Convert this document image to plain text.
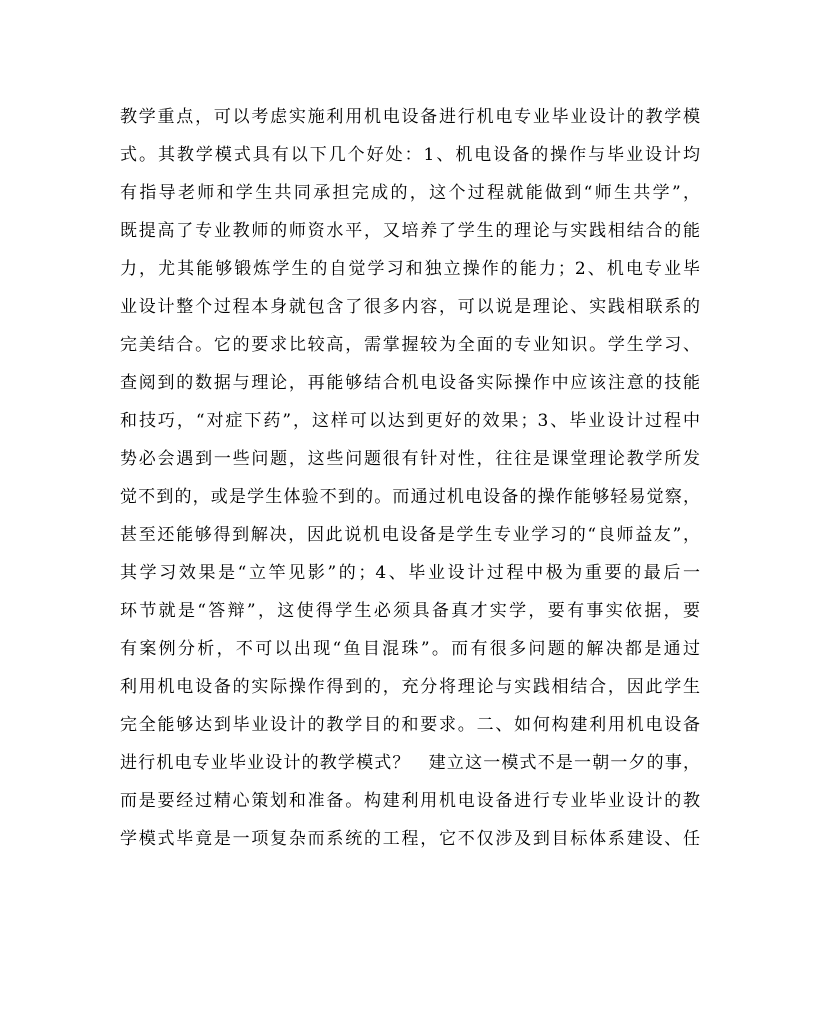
教学重点，可以考虑实施利用机电设备进行机电专业毕业设计的教学模
式。其教学模式具有以下几个好处：1、机电设备的操作与毕业设计均
有指导老师和学生共同承担完成的，这个过程就能做到“师生共学”，
既提高了专业教师的师资水平，又培养了学生的理论与实践相结合的能
力，尤其能够锻炼学生的自觉学习和独立操作的能力；2、机电专业毕
业设计整个过程本身就包含了很多内容，可以说是理论、实践相联系的
完美结合。它的要求比较高，需掌握较为全面的专业知识。学生学习、
查阅到的数据与理论，再能够结合机电设备实际操作中应该注意的技能
和技巧，“对症下药”，这样可以达到更好的效果；3、毕业设计过程中
势必会遇到一些问题，这些问题很有针对性，往往是课堂理论教学所发
觉不到的，或是学生体验不到的。而通过机电设备的操作能够轻易觉察，
甚至还能够得到解决，因此说机电设备是学生专业学习的“良师益友”，
其学习效果是“立竿见影”的；4、毕业设计过程中极为重要的最后一
环节就是“答辩”，这使得学生必须具备真才实学，要有事实依据，要
有案例分析，不可以出现“鱼目混珠”。而有很多问题的解决都是通过
利用机电设备的实际操作得到的，充分将理论与实践相结合，因此学生
完全能够达到毕业设计的教学目的和要求。二、如何构建利用机电设备
进行机电专业毕业设计的教学模式？　建立这一模式不是一朝一夕的事，
而是要经过精心策划和准备。构建利用机电设备进行专业毕业设计的教
学模式毕竟是一项复杂而系统的工程，它不仅涉及到目标体系建设、任
